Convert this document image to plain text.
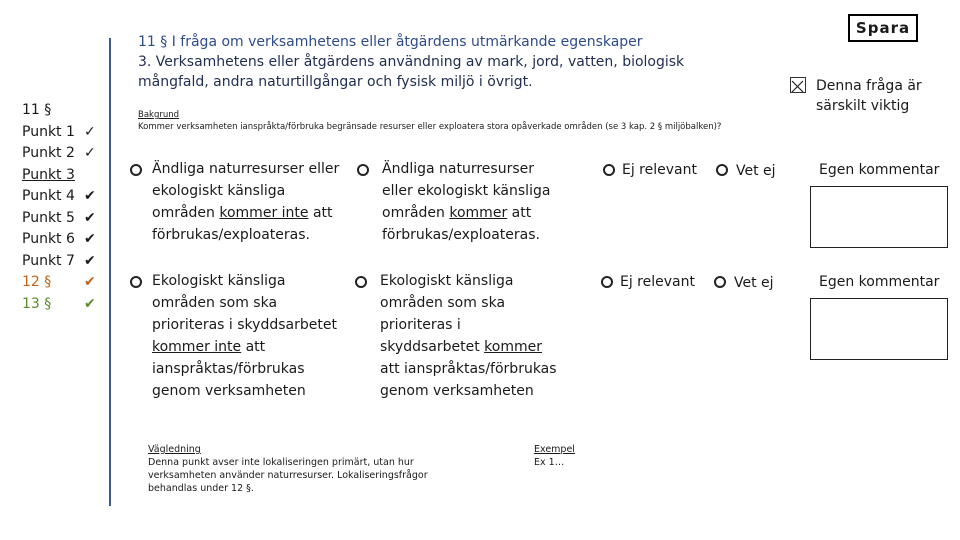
11 §
Punkt 1 ✓
Punkt 2 ✓
Punkt 3
Punkt 4 ✔
Punkt 5 ✔
Punkt 6 ✔
Punkt 7 ✔
12 § ✔
13 § ✔
11 § I fråga om verksamhetens eller åtgärdens utmärkande egenskaper
3. Verksamhetens eller åtgärdens användning av mark, jord, vatten, biologisk mångfald, andra naturtillgångar och fysisk miljö i övrigt.
Spara
Denna fråga är särskilt viktig
Bakgrund
Kommer verksamheten ianspråkta/förbruka begränsade resurser eller exploatera stora opåverkade områden (se 3 kap. 2 § miljöbalken)?
Ändliga naturresurser eller
ekologiskt känsliga
områden kommer inte att
förbrukas/exploateras.
Ändliga naturresurser
eller ekologiskt känsliga
områden kommer att
förbrukas/exploateras.
Ej relevant	Vet ej	Egen kommentar
Ekologiskt känsliga
områden som ska
prioriteras i skyddsarbetet
kommer inte att
ianspråktas/förbrukas
genom verksamheten
Ekologiskt känsliga
områden som ska
prioriteras i
skyddsarbetet kommer
att ianspråktas/förbrukas
genom verksamheten
Ej relevant	Vet ej	Egen kommentar
Vägledning
Denna punkt avser inte lokaliseringen primärt, utan hur verksamheten använder naturresurser. Lokaliseringsfrågor behandlas under 12 §.
Exempel
Ex 1…
